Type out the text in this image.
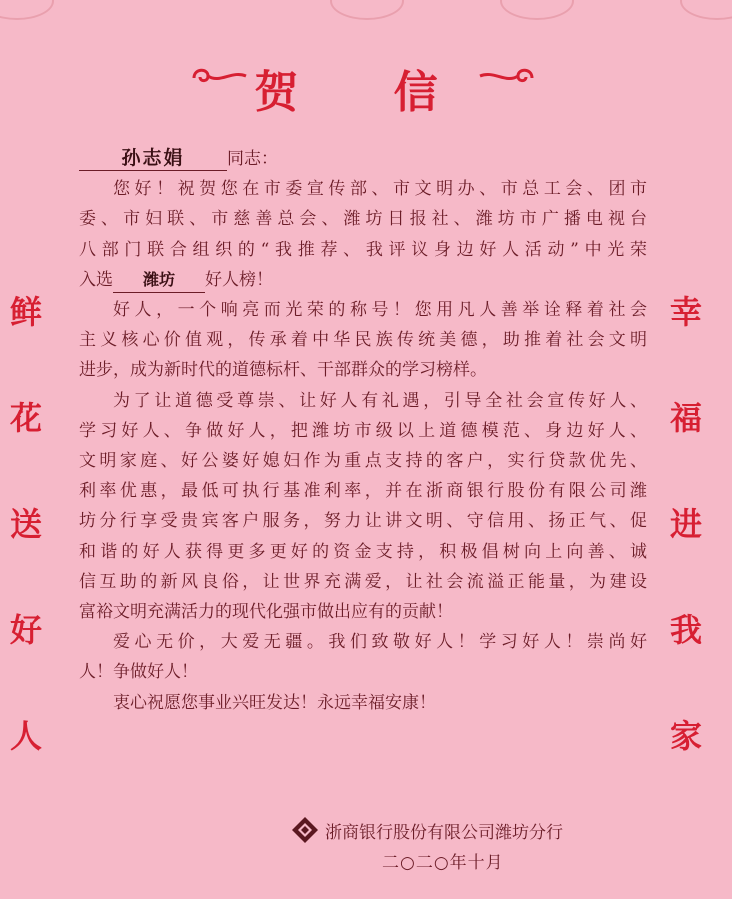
贺 信
鲜
花
送
好
人
幸
福
进
我
家

孙志娟	同志：

您好！祝贺您在市委宣传部、市文明办、市总工会、团市

委、市妇联、市慈善总会、潍坊日报社、潍坊市广播电视台

八部门联合组织的“我推荐、我评议身边好人活动”中光荣

入选 潍坊 好人榜！

好人，一个响亮而光荣的称号！您用凡人善举诠释着社会

主义核心价值观，传承着中华民族传统美德，助推着社会文明

进步，成为新时代的道德标杆、干部群众的学习榜样。

为了让道德受尊崇、让好人有礼遇，引导全社会宣传好人、

学习好人、争做好人，把潍坊市级以上道德模范、身边好人、

文明家庭、好公婆好媳妇作为重点支持的客户，实行贷款优先、

利率优惠，最低可执行基准利率，并在浙商银行股份有限公司潍

坊分行享受贵宾客户服务，努力让讲文明、守信用、扬正气、促

和谐的好人获得更多更好的资金支持，积极倡树向上向善、诚

信互助的新风良俗，让世界充满爱，让社会流溢正能量，为建设

富裕文明充满活力的现代化强市做出应有的贡献！

爱心无价，大爱无疆。我们致敬好人！学习好人！崇尚好

人！争做好人！

衷心祝愿您事业兴旺发达！永远幸福安康！

浙商银行股份有限公司潍坊分行
二○二○年十月
